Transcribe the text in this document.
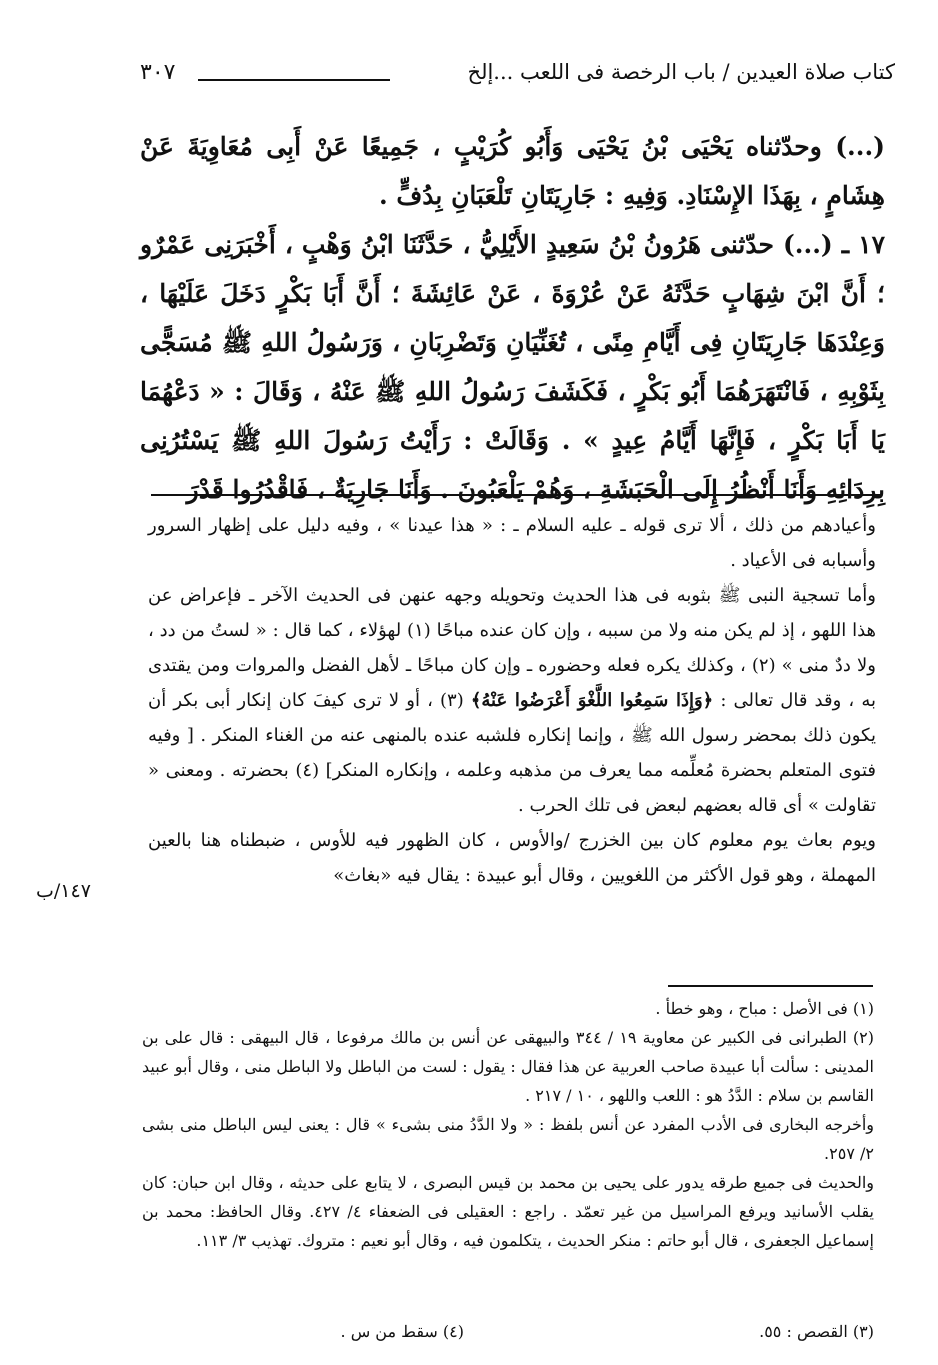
كتاب صلاة العيدين / باب الرخصة فى اللعب ...إلخ
٣٠٧

(...) وحدّثناه يَحْيَى بْنُ يَحْيَى وَأَبُو كُرَيْبٍ ، جَمِيعًا عَنْ أَبِى مُعَاوِيَةَ عَنْ هِشَامٍ ، بِهَذَا الإِسْنَادِ. وَفِيهِ : جَارِيَتَانِ تَلْعَبَانِ بِدُفٍّ .

١٧ ـ (...) حدّثنى هَرُونُ بْنُ سَعِيدٍ الأَيْلِيُّ ، حَدَّثَنَا ابْنُ وَهْبٍ ، أَخْبَرَنِى عَمْرٌو ؛ أَنَّ ابْنَ شِهَابٍ حَدَّثَهُ عَنْ عُرْوَةَ ، عَنْ عَائِشَةَ ؛ أَنَّ أَبَا بَكْرٍ دَخَلَ عَلَيْهَا ، وَعِنْدَهَا جَارِيَتَانِ فِى أَيَّامِ مِنًى ، تُغَنِّيَانِ وَتَضْرِبَانِ ، وَرَسُولُ اللهِ ﷺ مُسَجًّى بِثَوْبِهِ ، فَانْتَهَرَهُمَا أَبُو بَكْرٍ ، فَكَشَفَ رَسُولُ اللهِ ﷺ عَنْهُ ، وَقَالَ : « دَعْهُمَا يَا أَبَا بَكْرٍ ، فَإِنَّهَا أَيَّامُ عِيدٍ » . وَقَالَتْ : رَأَيْتُ رَسُولَ اللهِ ﷺ يَسْتُرُنِى بِرِدَائِهِ وَأَنَا أَنْظُرُ إِلَى الْحَبَشَةِ ، وَهُمْ يَلْعَبُونَ . وَأَنَا جَارِيَةٌ ، فَاقْدُرُوا قَدْرَ

وأعيادهم من ذلك ، ألا ترى قوله ـ عليه السلام ـ : « هذا عيدنا » ، وفيه دليل على إظهار السرور وأسبابه فى الأعياد .

وأما تسجية النبى ﷺ بثوبه فى هذا الحديث وتحويله وجهه عنهن فى الحديث الآخر ـ فإعراض عن هذا اللهو ، إذ لم يكن منه ولا من سببه ، وإن كان عنده مباحًا (١) لهؤلاء ، كما قال : « لستُ من دد ، ولا ددٌ منى » (٢) ، وكذلك يكره فعله وحضوره ـ وإن كان مباحًا ـ لأهل الفضل والمروات ومن يقتدى به ، وقد قال تعالى : ﴿وَإِذَا سَمِعُوا اللَّغْوَ أَعْرَضُوا عَنْهُ﴾ (٣) ، أو لا ترى كيفَ كان إنكار أبى بكر أن يكون ذلك بمحضر رسول الله ﷺ ، وإنما إنكاره فلشبه عنده بالمنهى عنه من الغناء المنكر . [ وفيه فتوى المتعلم بحضرة مُعلِّمه مما يعرف من مذهبه وعلمه ، وإنكاره المنكر] (٤) بحضرته . ومعنى « تقاولت » أى قاله بعضهم لبعض فى تلك الحرب .

ويوم بعاث يوم معلوم كان بين الخزرج /والأوس ، كان الظهور فيه للأوس ، ضبطناه هنا بالعين المهملة ، وهو قول الأكثر من اللغويين ، وقال أبو عبيدة : يقال فيه «بغاث»

١٤٧/ب

(١) فى الأصل : مباح ، وهو خطأ .

(٢) الطبرانى فى الكبير عن معاوية ١٩ / ٣٤٤ والبيهقى عن أنس بن مالك مرفوعا ، قال البيهقى : قال على بن المدينى : سألت أبا عبيدة صاحب العربية عن هذا فقال : يقول : لست من الباطل ولا الباطل منى ، وقال أبو عبيد القاسم بن سلام : الدَّدُ هو : اللعب واللهو ، ١٠ / ٢١٧ .

وأخرجه البخارى فى الأدب المفرد عن أنس بلفظ : « ولا الدَّدُ منى بشىء » قال : يعنى ليس الباطل منى بشى ٢/ ٢٥٧.

والحديث فى جميع طرقه يدور على يحيى بن محمد بن قيس البصرى ، لا يتابع على حديثه ، وقال ابن حبان: كان يقلب الأسانيد ويرفع المراسيل من غير تعمّد . راجع : العقيلى فى الضعفاء ٤/ ٤٢٧. وقال الحافظ: محمد بن إسماعيل الجعفرى ، قال أبو حاتم : منكر الحديث ، يتكلمون فيه ، وقال أبو نعيم : متروك. تهذيب ٣/ ١١٣.

(٣) القصص : ٥٥.
(٤) سقط من س .
